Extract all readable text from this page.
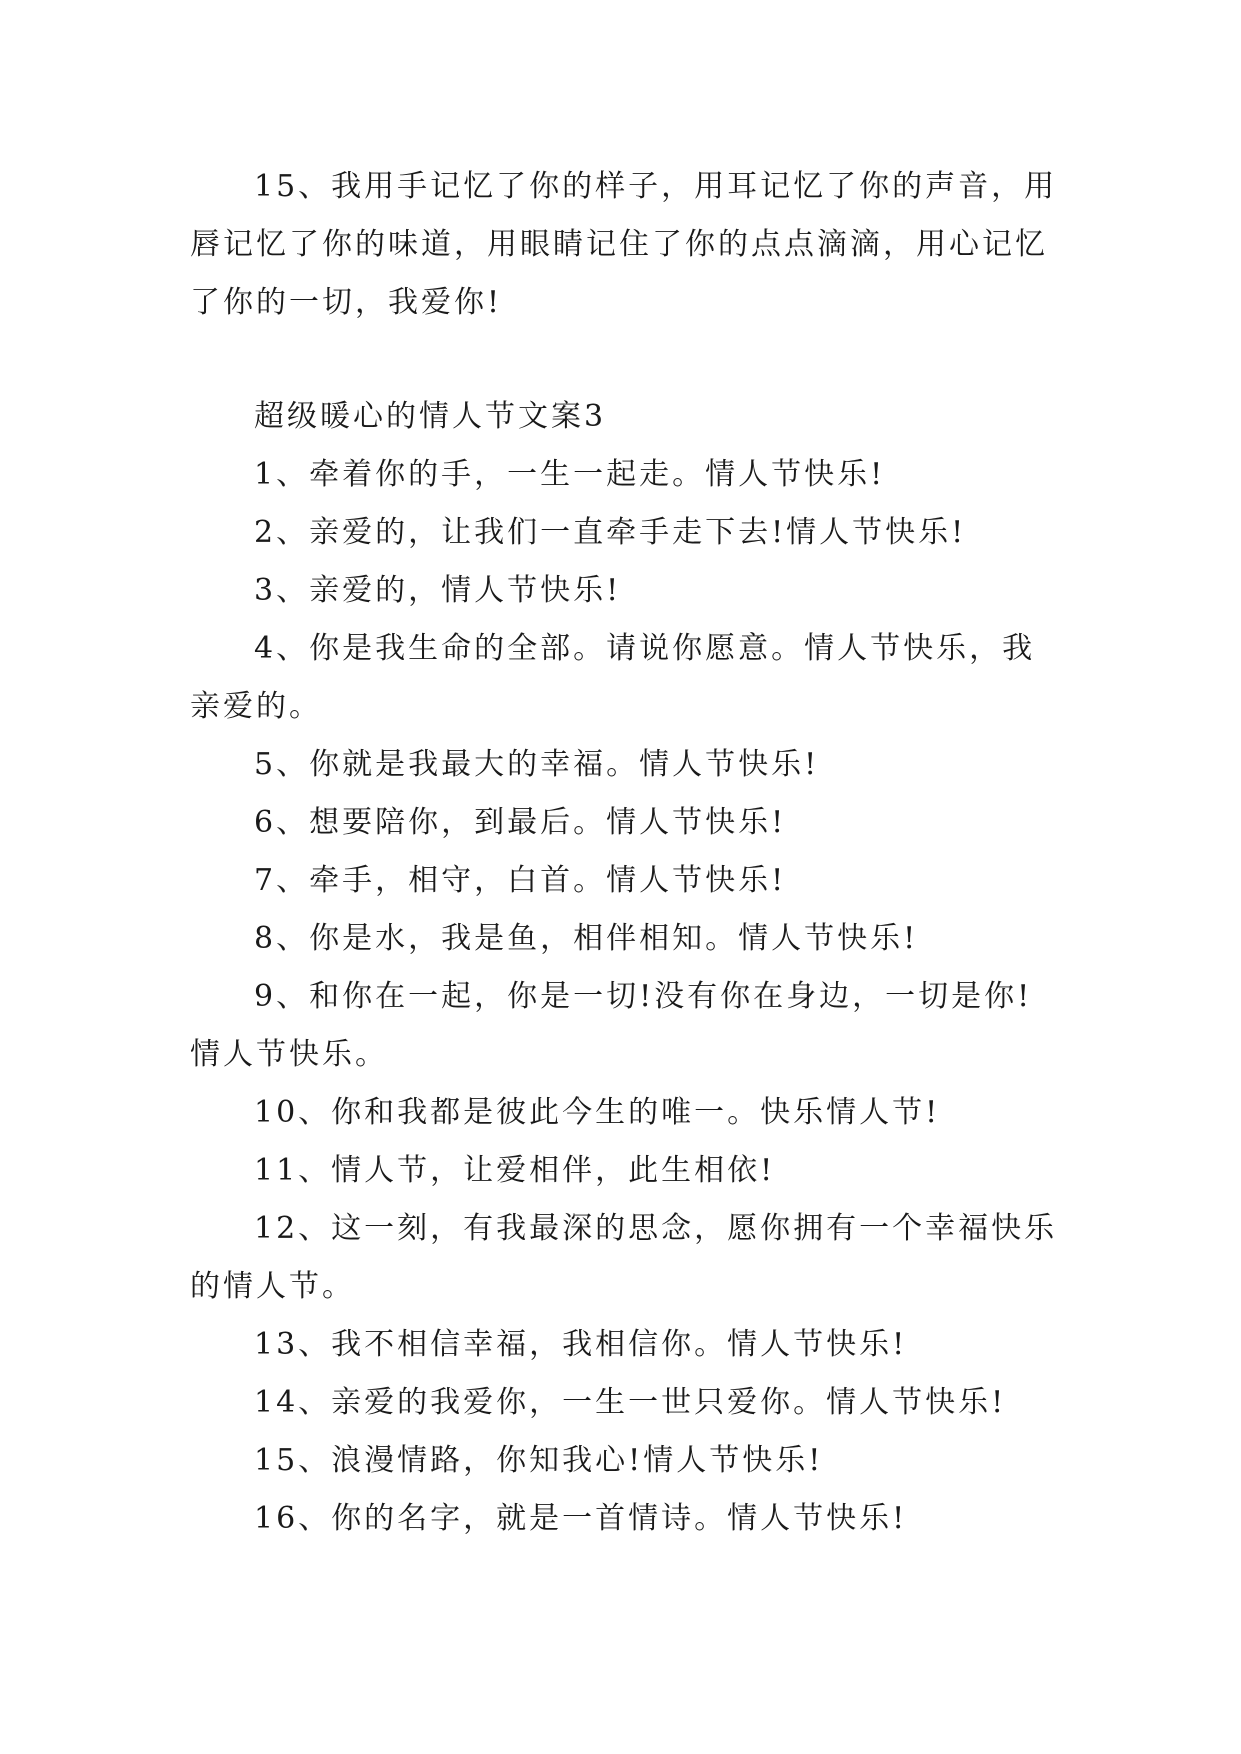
15、我用手记忆了你的样子，用耳记忆了你的声音，用唇记忆了你的味道，用眼睛记住了你的点点滴滴，用心记忆了你的一切，我爱你!

超级暖心的情人节文案3

1、牵着你的手，一生一起走。情人节快乐!

2、亲爱的，让我们一直牵手走下去!情人节快乐!

3、亲爱的，情人节快乐!

4、你是我生命的全部。请说你愿意。情人节快乐，我亲爱的。

5、你就是我最大的幸福。情人节快乐!

6、想要陪你，到最后。情人节快乐!

7、牵手，相守，白首。情人节快乐!

8、你是水，我是鱼，相伴相知。情人节快乐!

9、和你在一起，你是一切!没有你在身边，一切是你!情人节快乐。

10、你和我都是彼此今生的唯一。快乐情人节!

11、情人节，让爱相伴，此生相依!

12、这一刻，有我最深的思念，愿你拥有一个幸福快乐的情人节。

13、我不相信幸福，我相信你。情人节快乐!

14、亲爱的我爱你，一生一世只爱你。情人节快乐!

15、浪漫情路，你知我心!情人节快乐!

16、你的名字，就是一首情诗。情人节快乐!
